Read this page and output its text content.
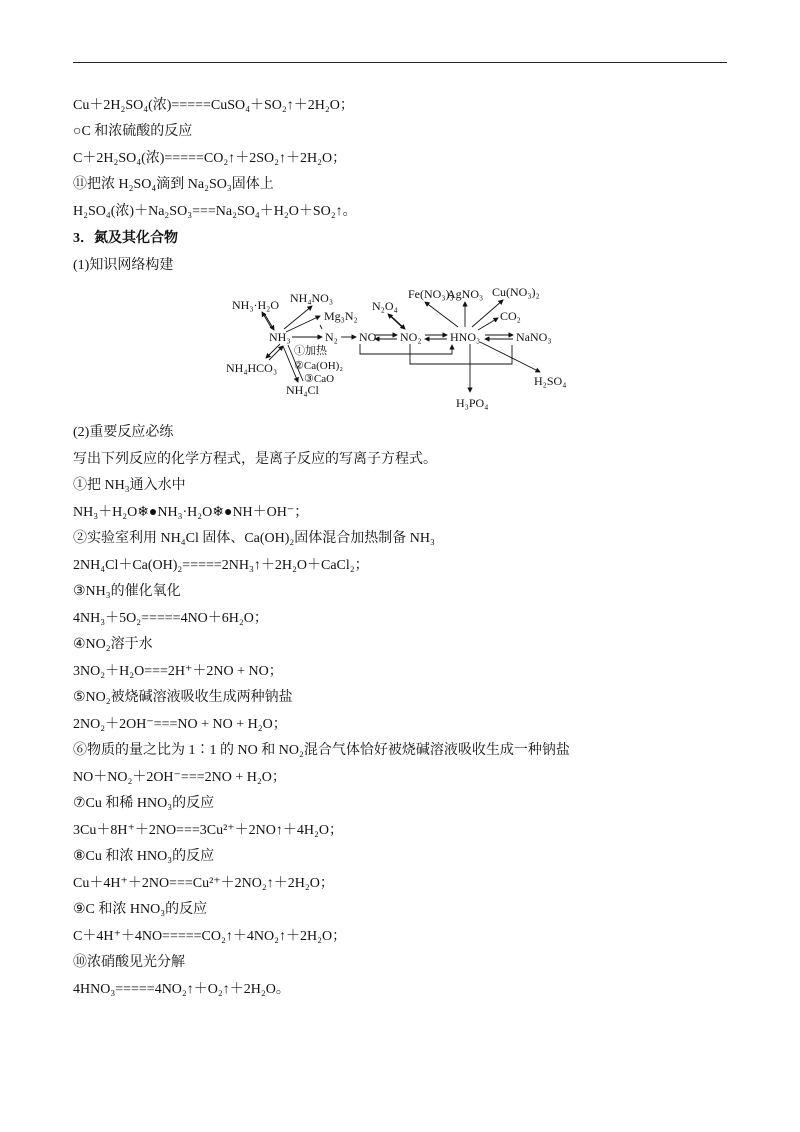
Cu＋2H₂SO₄(浓)=====CuSO₄＋SO₂↑＋2H₂O；
○C 和浓硫酸的反应
C＋2H₂SO₄(浓)=====CO₂↑＋2SO₂↑＋2H₂O；
⑪把浓 H₂SO₄滴到 Na₂SO₃固体上
H₂SO₄(浓)＋Na₂SO₃===Na₂SO₄＋H₂O＋SO₂↑。
3．氮及其化合物
(1)知识网络构建
NH₃·H₂O NH₄NO₃
Mg₃N₂
N₂O₄
Fe(NO₃)₃
AgNO₃ Cu(NO₃)₂
CO₂
NH₃	N₂ NO NO₂ HNO₃	NaNO₃
①加热
②Ca(OH)₂
③CaO
NH₄HCO₃
NH₄Cl
H₂SO₄
H₃PO₄
(2)重要反应必练
写出下列反应的化学方程式，是离子反应的写离子方程式。
①把 NH₃通入水中
NH₃＋H₂O❄●NH₃·H₂O❄●NH＋OH⁻；
②实验室利用 NH₄Cl 固体、Ca(OH)₂固体混合加热制备 NH₃
2NH₄Cl＋Ca(OH)₂=====2NH₃↑＋2H₂O＋CaCl₂；
③NH₃的催化氧化
4NH₃＋5O₂=====4NO＋6H₂O；
④NO₂溶于水
3NO₂＋H₂O===2H⁺＋2NO + NO；
⑤NO₂被烧碱溶液吸收生成两种钠盐
2NO₂＋2OH⁻===NO + NO + H₂O；
⑥物质的量之比为 1∶1 的 NO 和 NO₂混合气体恰好被烧碱溶液吸收生成一种钠盐
NO＋NO₂＋2OH⁻===2NO + H₂O；
⑦Cu 和稀 HNO₃的反应
3Cu＋8H⁺＋2NO===3Cu²⁺＋2NO↑＋4H₂O；
⑧Cu 和浓 HNO₃的反应
Cu＋4H⁺＋2NO===Cu²⁺＋2NO₂↑＋2H₂O；
⑨C 和浓 HNO₃的反应
C＋4H⁺＋4NO=====CO₂↑＋4NO₂↑＋2H₂O；
⑩浓硝酸见光分解
4HNO₃=====4NO₂↑＋O₂↑＋2H₂O。
